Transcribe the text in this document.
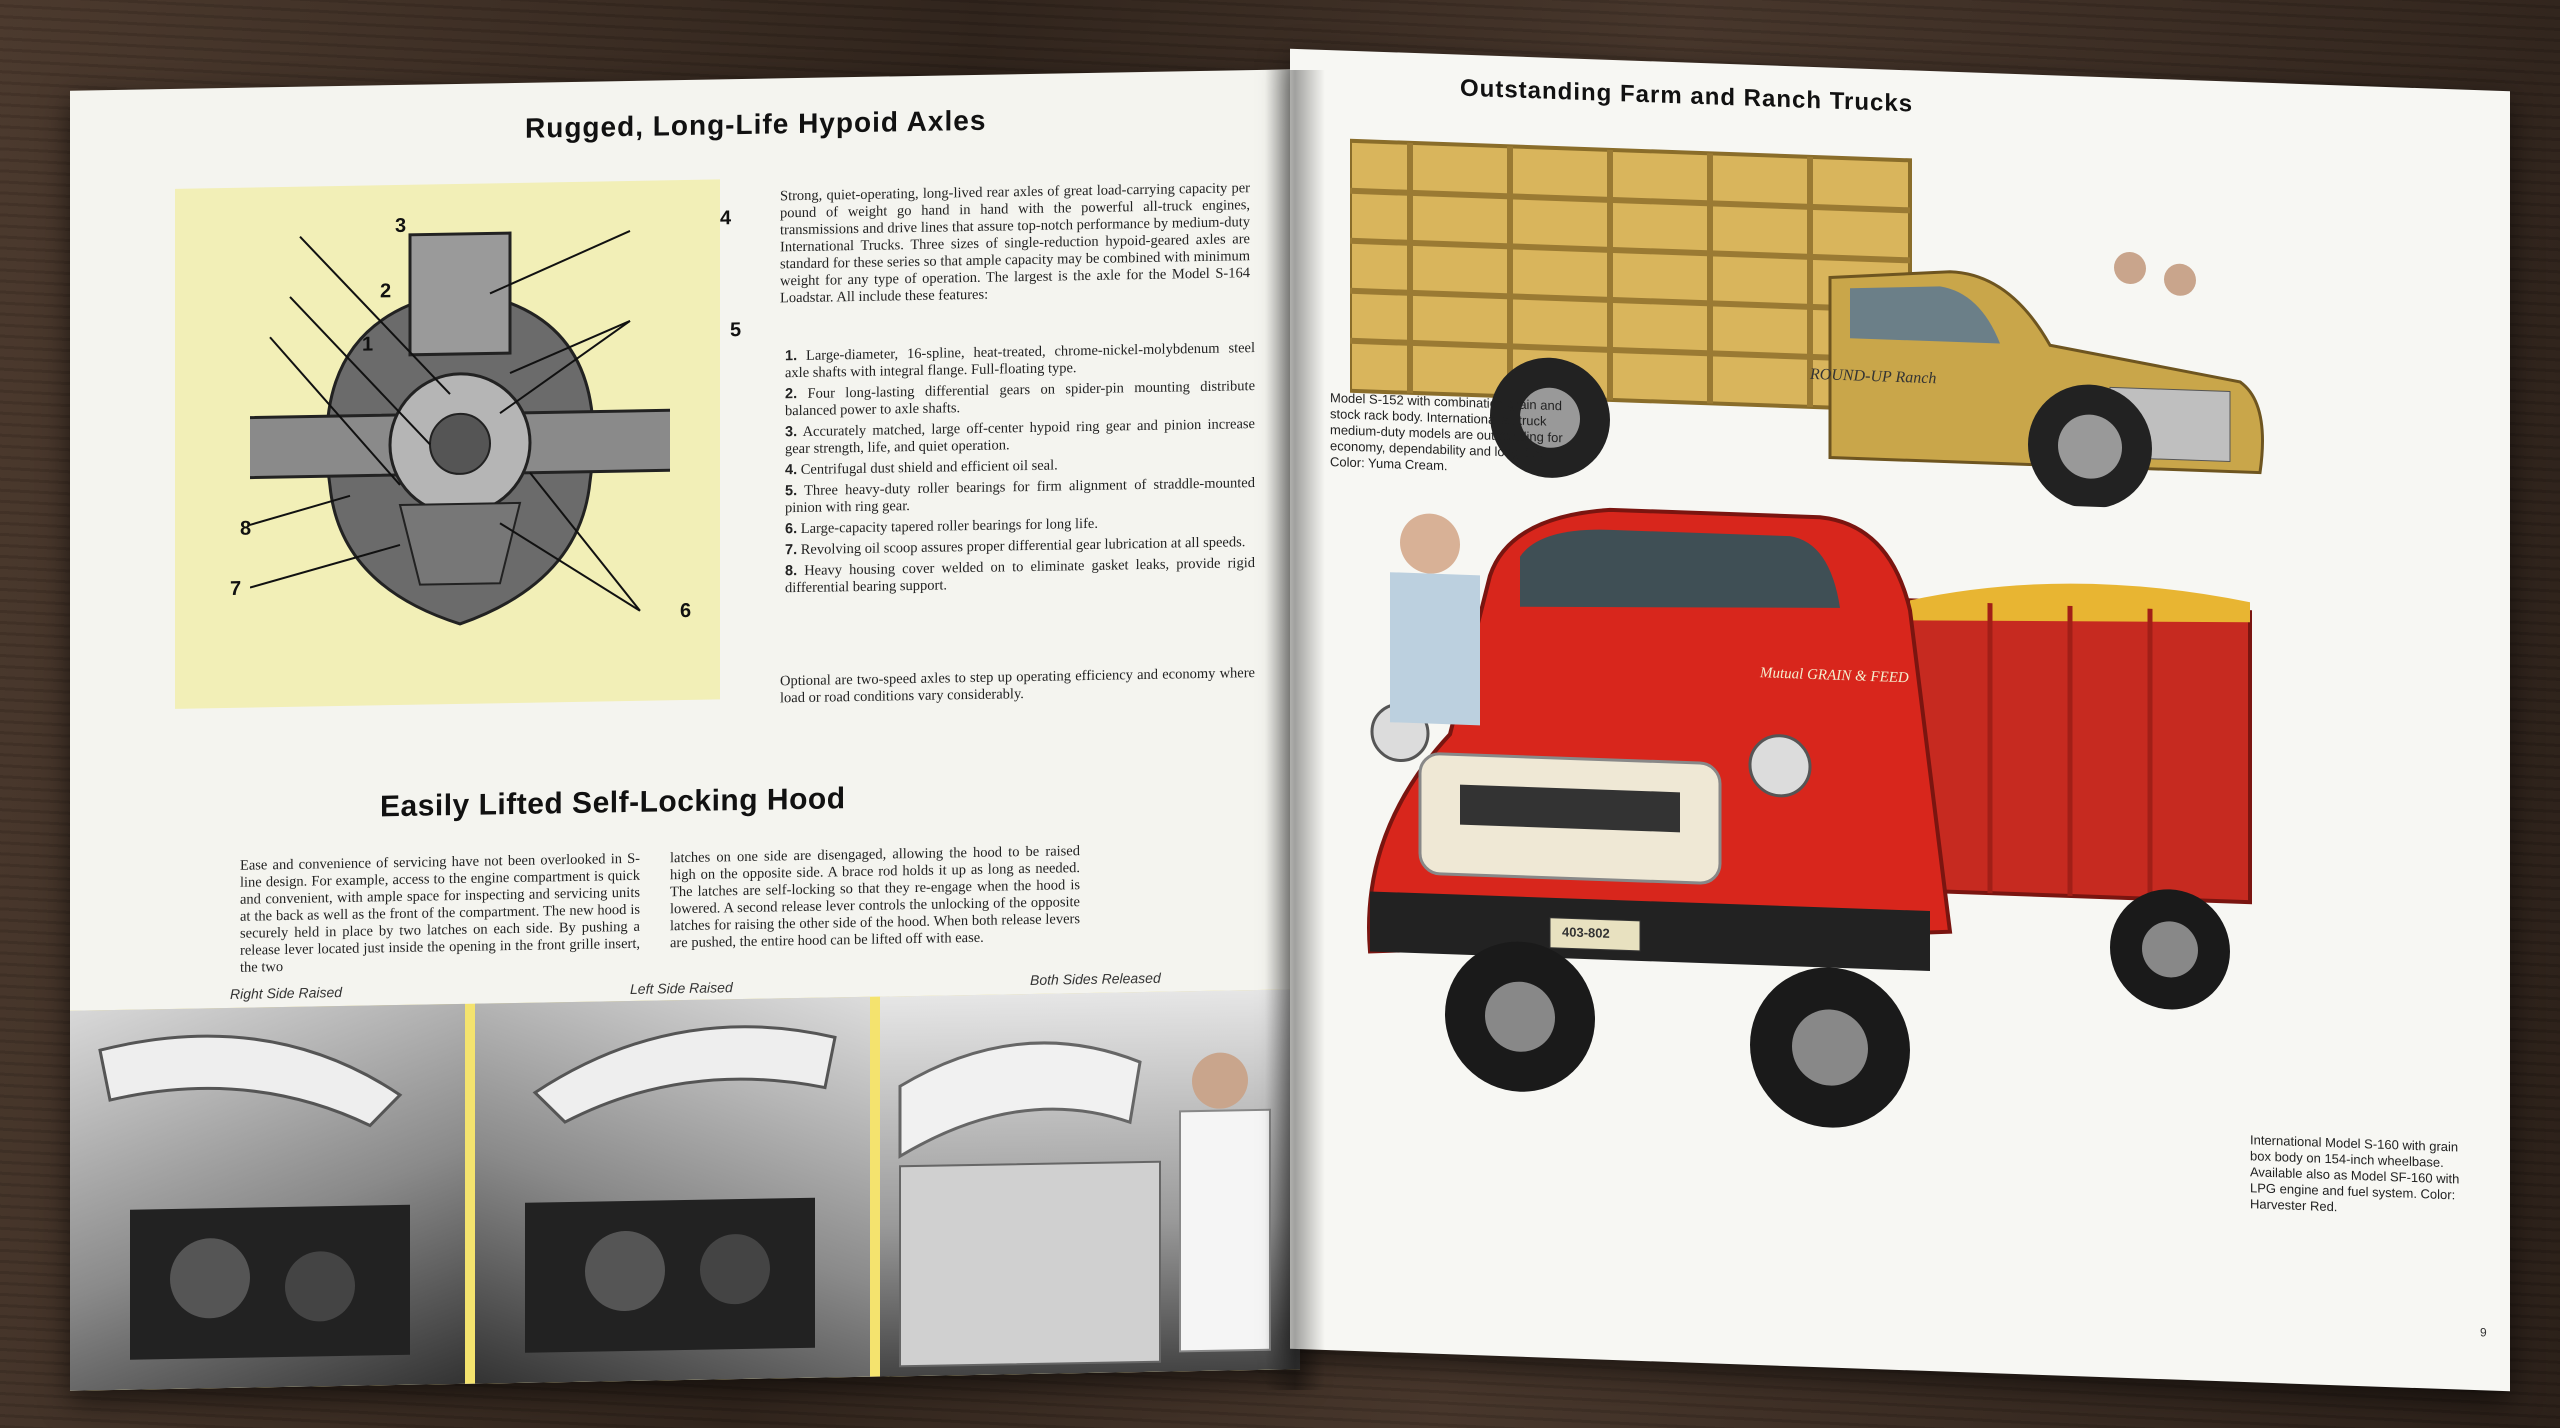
Rugged, Long-Life Hypoid Axles
3	4
2
1
5
6
7
8

Strong, quiet-operating, long-lived rear axles of great load-carrying capacity per pound of weight go hand in hand with the powerful all-truck engines, transmissions and drive lines that assure top-notch performance by medium-duty International Trucks. Three sizes of single-reduction hypoid-geared axles are standard for these series so that ample capacity may be combined with minimum weight for any type of operation. The largest is the axle for the Model S-164 Loadstar. All include these features:

1. Large-diameter, 16-spline, heat-treated, chrome-nickel-molybdenum steel axle shafts with integral flange. Full-floating type.
2. Four long-lasting differential gears on spider-pin mounting distribute balanced power to axle shafts.
3. Accurately matched, large off-center hypoid ring gear and pinion increase gear strength, life, and quiet operation.
4. Centrifugal dust shield and efficient oil seal.
5. Three heavy-duty roller bearings for firm alignment of straddle-mounted pinion with ring gear.
6. Large-capacity tapered roller bearings for long life.
7. Revolving oil scoop assures proper differential gear lubrication at all speeds.
8. Heavy housing cover welded on to eliminate gasket leaks, provide rigid differential bearing support.

Optional are two-speed axles to step up operating efficiency and economy where load or road conditions vary considerably.

Easily Lifted Self-Locking Hood

Ease and convenience of servicing have not been overlooked in S-line design. For example, access to the engine compartment is quick and convenient, with ample space for inspecting and servicing units at the back as well as the front of the compartment. The new hood is securely held in place by two latches on each side. By pushing a release lever located just inside the opening in the front grille insert, the two

latches on one side are disengaged, allowing the hood to be raised high on the opposite side. A brace rod holds it up as long as needed. The latches are self-locking so that they re-engage when the hood is lowered. A second release lever controls the unlocking of the opposite latches for raising the other side of the hood. When both release levers are pushed, the entire hood can be lifted off with ease.

Right Side Raised	Left Side Raised
Both Sides Released
Outstanding Farm and Ranch Trucks
ROUND-UP Ranch

Model S-152 with combination grain and stock rack body. International all truck medium-duty models are outstanding for economy, dependability and long life. Color: Yuma Cream.

Mutual GRAIN & FEED
403-802

International Model S-160 with grain box body on 154-inch wheelbase. Available also as Model SF-160 with LPG engine and fuel system. Color: Harvester Red.

9
